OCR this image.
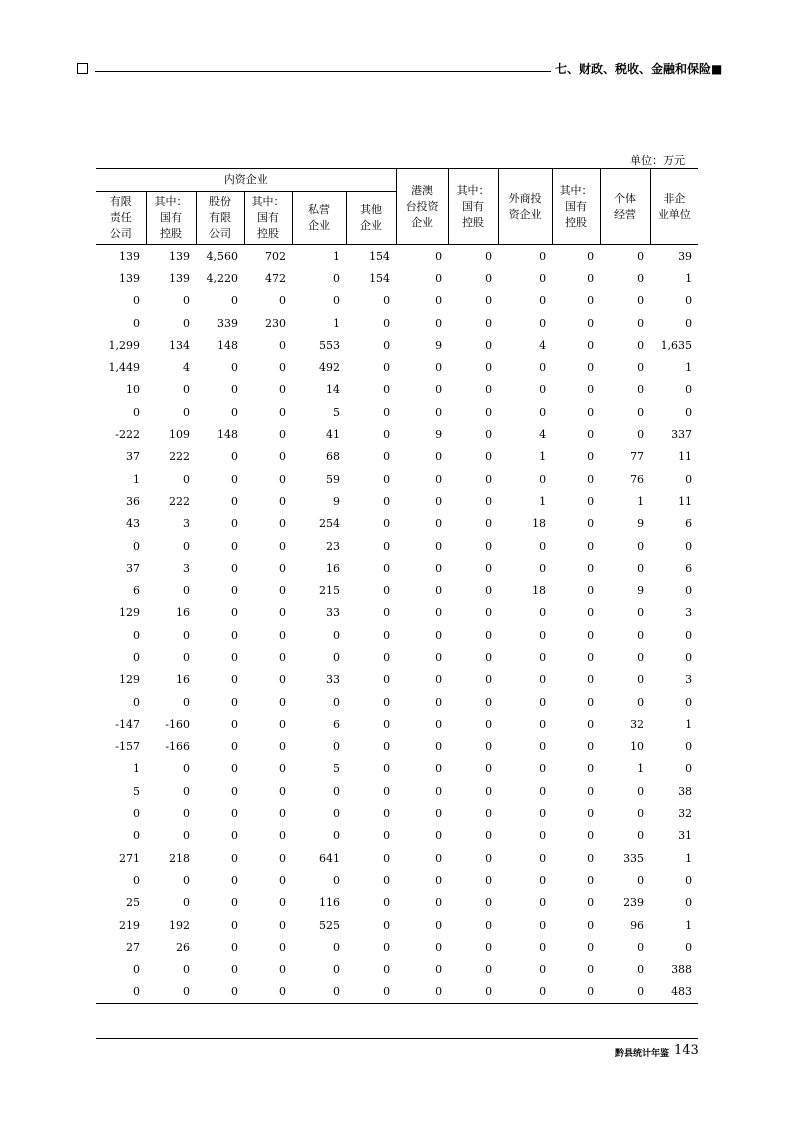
七、财政、税收、金融和保险■
单位：万元
内资企业						港澳
台投资
企业	其中：
国有
控股	外商投
资企业	其中：
国有
控股	个体
经营	非企
业单位
有限
责任
公司	其中：
国有
控股	股份
有限
公司	其中：
国有
控股	私营
企业	其他
企业						
139	139	4,560	702	1	154	0	0	0	0	0	39
139	139	4,220	472	0	154	0	0	0	0	0	1
0	0	0	0	0	0	0	0	0	0	0	0
0	0	339	230	1	0	0	0	0	0	0	0
1,299	134	148	0	553	0	9	0	4	0	0	1,635
1,449	4	0	0	492	0	0	0	0	0	0	1
10	0	0	0	14	0	0	0	0	0	0	0
0	0	0	0	5	0	0	0	0	0	0	0
-222	109	148	0	41	0	9	0	4	0	0	337
37	222	0	0	68	0	0	0	1	0	77	11
1	0	0	0	59	0	0	0	0	0	76	0
36	222	0	0	9	0	0	0	1	0	1	11
43	3	0	0	254	0	0	0	18	0	9	6
0	0	0	0	23	0	0	0	0	0	0	0
37	3	0	0	16	0	0	0	0	0	0	6
6	0	0	0	215	0	0	0	18	0	9	0
129	16	0	0	33	0	0	0	0	0	0	3
0	0	0	0	0	0	0	0	0	0	0	0
0	0	0	0	0	0	0	0	0	0	0	0
129	16	0	0	33	0	0	0	0	0	0	3
0	0	0	0	0	0	0	0	0	0	0	0
-147	-160	0	0	6	0	0	0	0	0	32	1
-157	-166	0	0	0	0	0	0	0	0	10	0
1	0	0	0	5	0	0	0	0	0	1	0
5	0	0	0	0	0	0	0	0	0	0	38
0	0	0	0	0	0	0	0	0	0	0	32
0	0	0	0	0	0	0	0	0	0	0	31
271	218	0	0	641	0	0	0	0	0	335	1
0	0	0	0	0	0	0	0	0	0	0	0
25	0	0	0	116	0	0	0	0	0	239	0
219	192	0	0	525	0	0	0	0	0	96	1
27	26	0	0	0	0	0	0	0	0	0	0
0	0	0	0	0	0	0	0	0	0	0	388
0	0	0	0	0	0	0	0	0	0	0	483
黔县统计年鉴 143
